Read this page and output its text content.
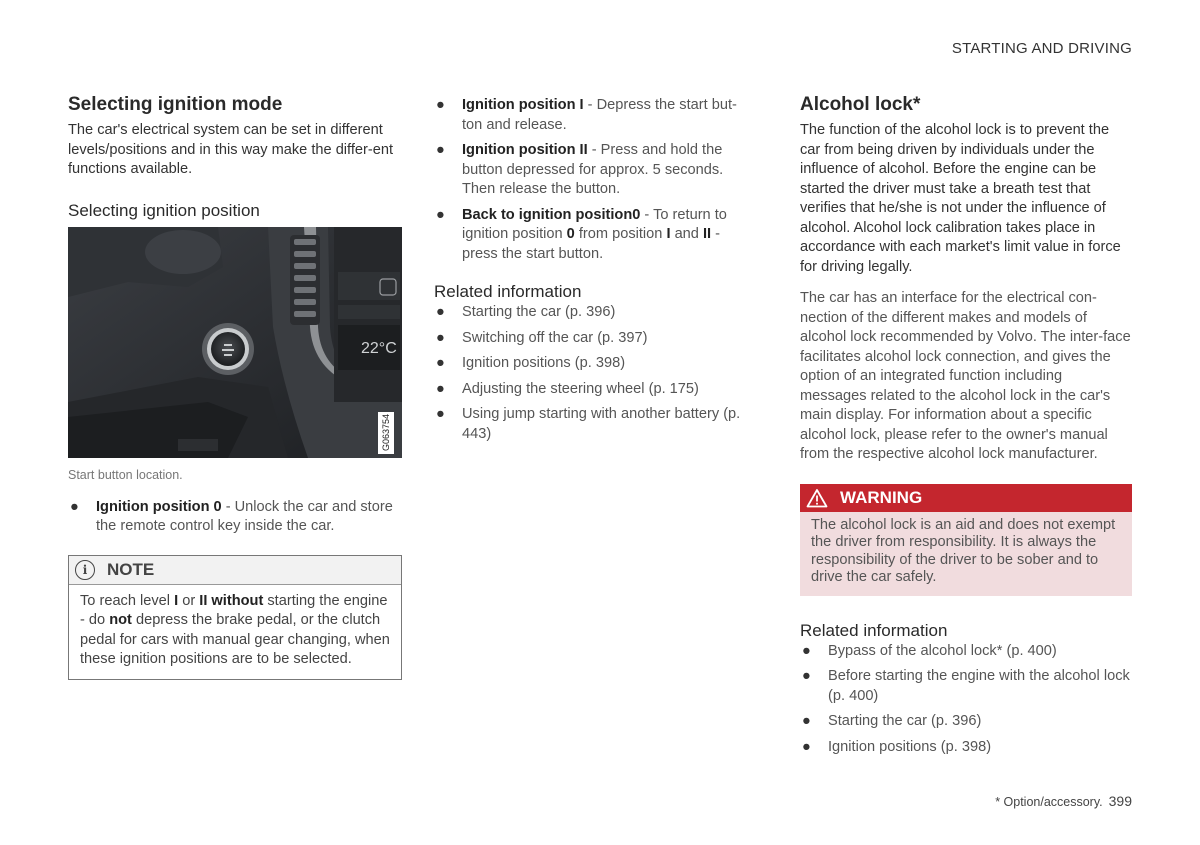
STARTING AND DRIVING
Selecting ignition mode

The car's electrical system can be set in different levels/positions and in this way make the differ-ent functions available.

Selecting ignition position
22°C
G063754
Start button location.
● Ignition position 0 - Unlock the car and store the remote control key inside the car.
i	NOTE
To reach level I or II without starting the engine - do not depress the brake pedal, or the clutch pedal for cars with manual gear changing, when these ignition positions are to be selected.
● Ignition position I - Depress the start but-ton and release.
● Ignition position II - Press and hold the button depressed for approx. 5 seconds. Then release the button.
● Back to ignition position0 - To return to ignition position 0 from position I and II - press the start button.
Related information
● Starting the car (p. 396)
● Switching off the car (p. 397)
● Ignition positions (p. 398)
● Adjusting the steering wheel (p. 175)
● Using jump starting with another battery (p. 443)
Alcohol lock*

The function of the alcohol lock is to prevent the car from being driven by individuals under the influence of alcohol. Before the engine can be started the driver must take a breath test that verifies that he/she is not under the influence of alcohol. Alcohol lock calibration takes place in accordance with each market's limit value in force for driving legally.

The car has an interface for the electrical con-nection of the different makes and models of alcohol lock recommended by Volvo. The inter-face facilitates alcohol lock connection, and gives the option of an integrated function including messages related to the alcohol lock in the car's main display. For information about a specific alcohol lock, please refer to the owner's manual from the respective alcohol lock manufacturer.

WARNING
The alcohol lock is an aid and does not exempt the driver from responsibility. It is always the responsibility of the driver to be sober and to drive the car safely.
Related information
● Bypass of the alcohol lock* (p. 400)
● Before starting the engine with the alcohol lock (p. 400)
● Starting the car (p. 396)
● Ignition positions (p. 398)
* Option/accessory. 399
